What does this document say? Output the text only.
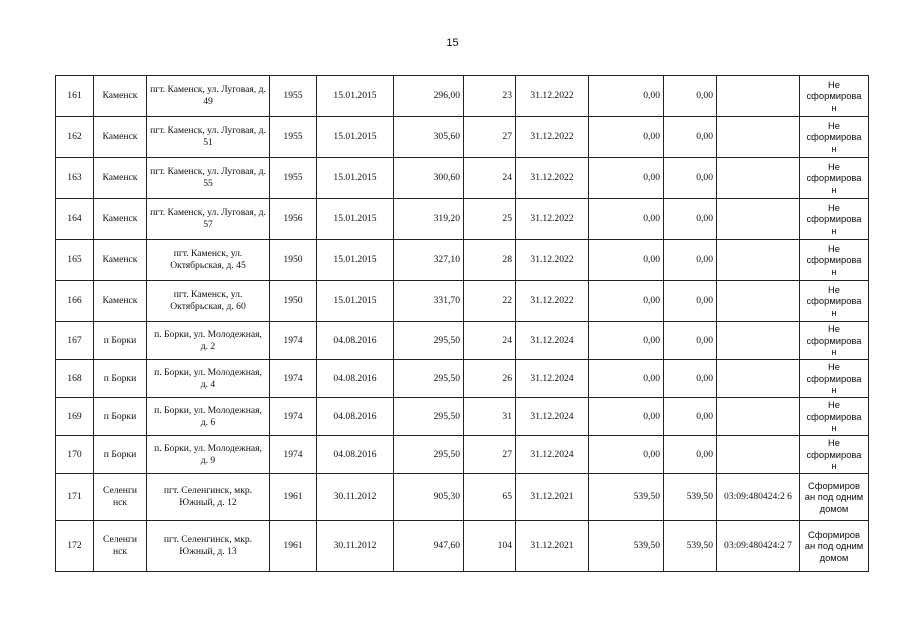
15
161	Каменск	пгт. Каменск, ул. Луговая, д. 49	1955	15.01.2015	296,00	23	31.12.2022	0,00	0,00		Не сформирова н
162	Каменск	пгт. Каменск, ул. Луговая, д. 51	1955	15.01.2015	305,60	27	31.12.2022	0,00	0,00		Не сформирова н
163	Каменск	пгт. Каменск, ул. Луговая, д. 55	1955	15.01.2015	300,60	24	31.12.2022	0,00	0,00		Не сформирова н
164	Каменск	пгт. Каменск, ул. Луговая, д. 57	1956	15.01.2015	319,20	25	31.12.2022	0,00	0,00		Не сформирова н
165	Каменск	пгт. Каменск, ул. Октябрьская, д. 45	1950	15.01.2015	327,10	28	31.12.2022	0,00	0,00		Не сформирова н
166	Каменск	пгт. Каменск, ул. Октябрьская, д. 60	1950	15.01.2015	331,70	22	31.12.2022	0,00	0,00		Не сформирова н
167	п Борки	п. Борки, ул. Молодежная, д. 2	1974	04.08.2016	295,50	24	31.12.2024	0,00	0,00		Не сформирова н
168	п Борки	п. Борки, ул. Молодежная, д. 4	1974	04.08.2016	295,50	26	31.12.2024	0,00	0,00		Не сформирова н
169	п Борки	п. Борки, ул. Молодежная, д. 6	1974	04.08.2016	295,50	31	31.12.2024	0,00	0,00		Не сформирова н
170	п Борки	п. Борки, ул. Молодежная, д. 9	1974	04.08.2016	295,50	27	31.12.2024	0,00	0,00		Не сформирова н
171	Селенги нск	пгт. Селенгинск, мкр. Южный, д. 12	1961	30.11.2012	905,30	65	31.12.2021	539,50	539,50	03:09:480424:2 6	Сформиров ан под одним домом
172	Селенги нск	пгт. Селенгинск, мкр. Южный, д. 13	1961	30.11.2012	947,60	104	31.12.2021	539,50	539,50	03:09:480424:2 7	Сформиров ан под одним домом
